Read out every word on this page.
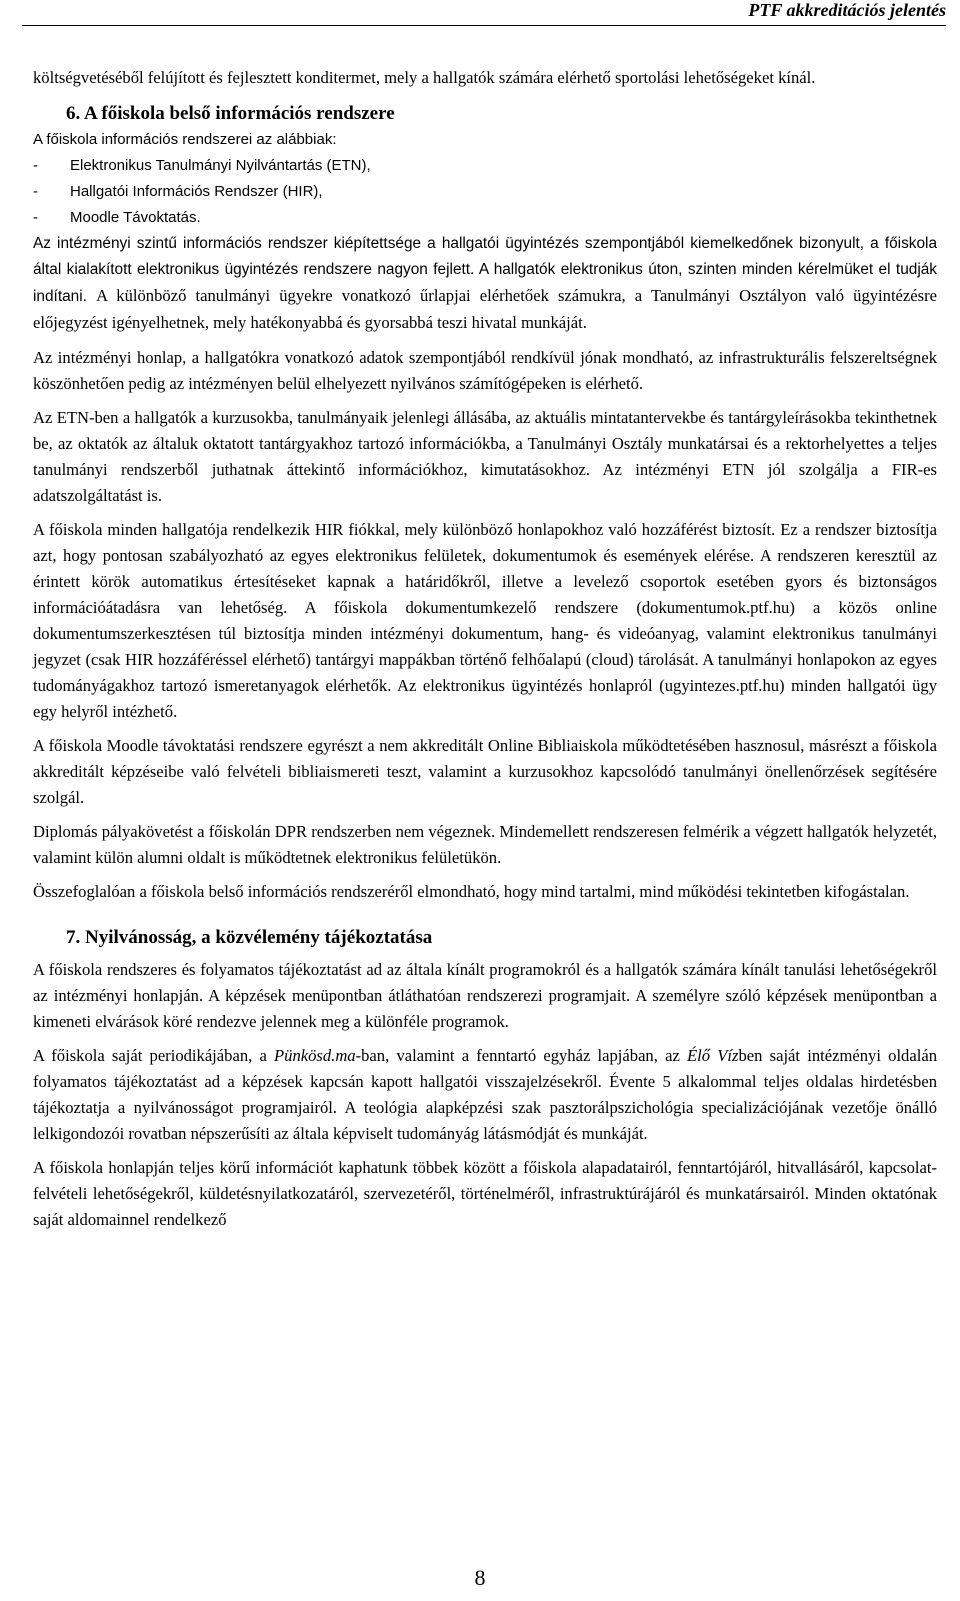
PTF akkreditációs jelentés

költségvetéséből felújított és fejlesztett konditermet, mely a hallgatók számára elérhető sportolási lehetőségeket kínál.

6. A főiskola belső információs rendszere
A főiskola információs rendszerei az alábbiak:
-	Elektronikus Tanulmányi Nyilvántartás (ETN),
-	Hallgatói Információs Rendszer (HIR),
-	Moodle Távoktatás.

Az intézményi szintű információs rendszer kiépítettsége a hallgatói ügyintézés szempontjából kiemelkedőnek bizonyult, a főiskola által kialakított elektronikus ügyintézés rendszere nagyon fejlett. A hallgatók elektronikus úton, szinten minden kérelmüket el tudják indítani. A különböző tanulmányi ügyekre vonatkozó űrlapjai elérhetőek számukra, a Tanulmányi Osztályon való ügyintézésre előjegyzést igényelhetnek, mely hatékonyabbá és gyorsabbá teszi hivatal munkáját.

Az intézményi honlap, a hallgatókra vonatkozó adatok szempontjából rendkívül jónak mondható, az infrastrukturális felszereltségnek köszönhetően pedig az intézményen belül elhelyezett nyilvános számítógépeken is elérhető.

Az ETN-ben a hallgatók a kurzusokba, tanulmányaik jelenlegi állásába, az aktuális mintatantervekbe és tantárgyleírásokba tekinthetnek be, az oktatók az általuk oktatott tantárgyakhoz tartozó információkba, a Tanulmányi Osztály munkatársai és a rektorhelyettes a teljes tanulmányi rendszerből juthatnak áttekintő információkhoz, kimutatásokhoz. Az intézményi ETN jól szolgálja a FIR-es adatszolgáltatást is.

A főiskola minden hallgatója rendelkezik HIR fiókkal, mely különböző honlapokhoz való hozzáférést biztosít. Ez a rendszer biztosítja azt, hogy pontosan szabályozható az egyes elektronikus felületek, dokumentumok és események elérése. A rendszeren keresztül az érintett körök automatikus értesítéseket kapnak a határidőkről, illetve a levelező csoportok esetében gyors és biztonságos információátadásra van lehetőség. A főiskola dokumentumkezelő rendszere (dokumentumok.ptf.hu) a közös online dokumentumszerkesztésen túl biztosítja minden intézményi dokumentum, hang- és videóanyag, valamint elektronikus tanulmányi jegyzet (csak HIR hozzáféréssel elérhető) tantárgyi mappákban történő felhőalapú (cloud) tárolását. A tanulmányi honlapokon az egyes tudományágakhoz tartozó ismeretanyagok elérhetők. Az elektronikus ügyintézés honlapról (ugyintezes.ptf.hu) minden hallgatói ügy egy helyről intézhető.

A főiskola Moodle távoktatási rendszere egyrészt a nem akkreditált Online Bibliaiskola működtetésében hasznosul, másrészt a főiskola akkreditált képzéseibe való felvételi bibliaismereti teszt, valamint a kurzusokhoz kapcsolódó tanulmányi önellenőrzések segítésére szolgál.

Diplomás pályakövetést a főiskolán DPR rendszerben nem végeznek. Mindemellett rendszeresen felmérik a végzett hallgatók helyzetét, valamint külön alumni oldalt is működtetnek elektronikus felületükön.

Összefoglalóan a főiskola belső információs rendszeréről elmondható, hogy mind tartalmi, mind működési tekintetben kifogástalan.

7. Nyilvánosság, a közvélemény tájékoztatása

A főiskola rendszeres és folyamatos tájékoztatást ad az általa kínált programokról és a hallgatók számára kínált tanulási lehetőségekről az intézményi honlapján. A képzések menüpontban átláthatóan rendszerezi programjait. A személyre szóló képzések menüpontban a kimeneti elvárások köré rendezve jelennek meg a különféle programok.

A főiskola saját periodikájában, a Pünkösd.ma-ban, valamint a fenntartó egyház lapjában, az Élő Vízben saját intézményi oldalán folyamatos tájékoztatást ad a képzések kapcsán kapott hallgatói visszajelzésekről. Évente 5 alkalommal teljes oldalas hirdetésben tájékoztatja a nyilvánosságot programjairól. A teológia alapképzési szak pasztorálpszichológia specializációjának vezetője önálló lelkigondozói rovatban népszerűsíti az általa képviselt tudományág látásmódját és munkáját.

A főiskola honlapján teljes körű információt kaphatunk többek között a főiskola alapadatairól, fenntartójáról, hitvallásáról, kapcsolat-felvételi lehetőségekről, küldetésnyilatkozatáról, szervezetéről, történelméről, infrastruktúrájáról és munkatársairól. Minden oktatónak saját aldomainnel rendelkező

8
